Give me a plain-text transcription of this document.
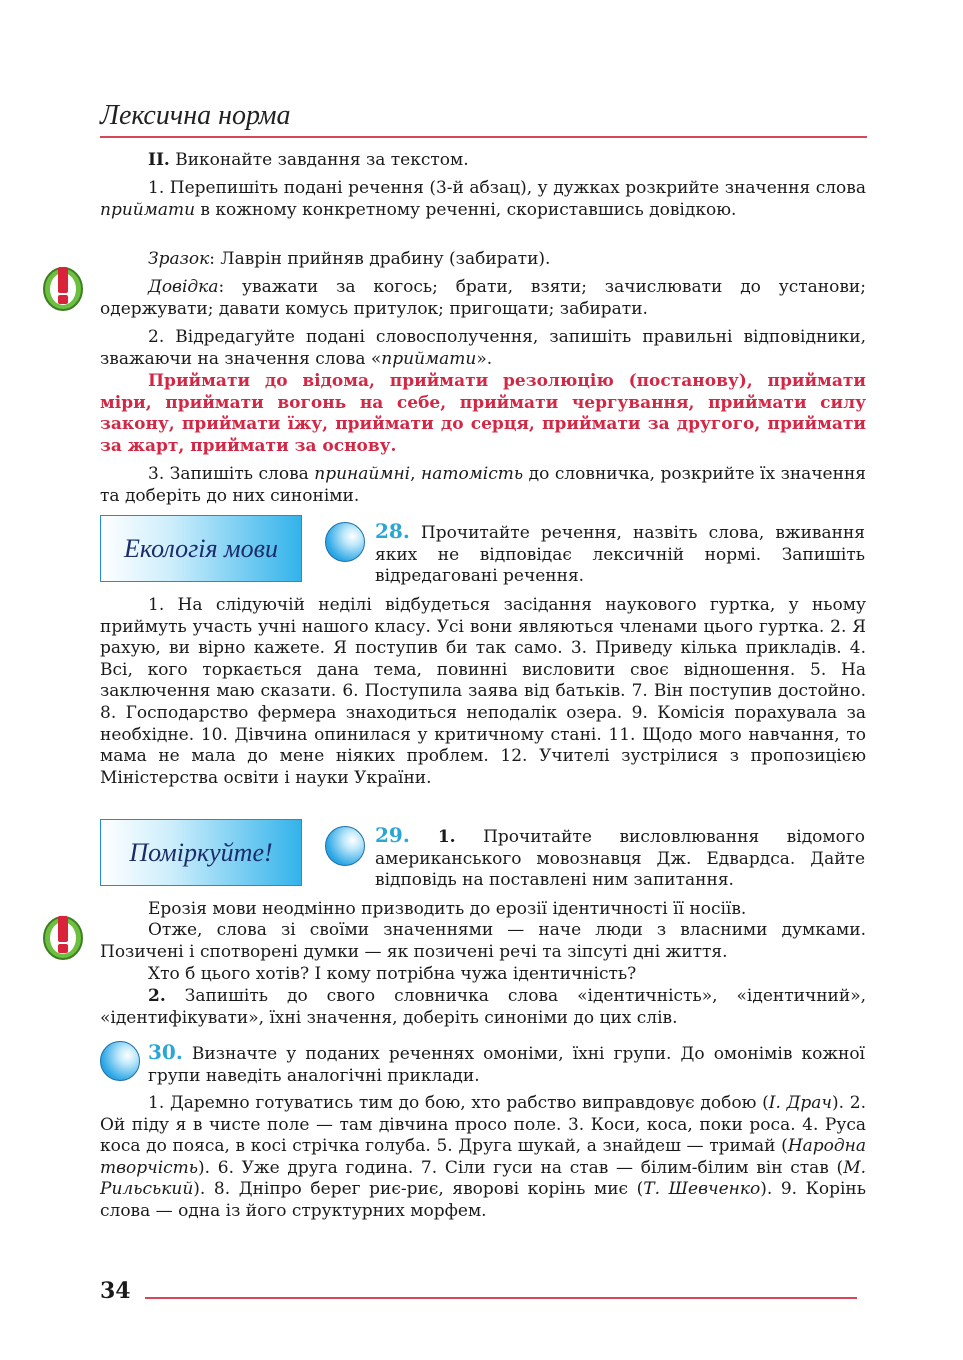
Лексична норма
ІІ. Виконайте завдання за текстом.
1. Перепишіть подані речення (3-й абзац), у дужках розкрийте значення слова приймати в кожному конкретному реченні, скориставшись довідкою.
Зразок: Лаврін прийняв драбину (забирати).
Довідка: уважати за когось; брати, взяти; зачислювати до установи; одержувати; давати комусь притулок; пригощати; забирати.
2. Відредагуйте подані словосполучення, запишіть правильні відповідники, зважаючи на значення слова «приймати».
Приймати до відома, приймати резолюцію (постанову), приймати міри, приймати вогонь на себе, приймати чергування, приймати силу закону, приймати їжу, приймати до серця, приймати за другого, приймати за жарт, приймати за основу.
3. Запишіть слова принаймні, натомість до словничка, розкрийте їх значення та доберіть до них синоніми.
Екологія мови
28. Прочитайте речення, назвіть слова, вживання яких не відповідає лексичній нормі. Запишіть відредаговані речення.
1. На слідуючій неділі відбудеться засідання наукового гуртка, у ньому приймуть участь учні нашого класу. Усі вони являються членами цього гуртка. 2. Я рахую, ви вірно кажете. Я поступив би так само. 3. Приведу кілька прикладів. 4. Всі, кого торкається дана тема, повинні висловити своє відношення. 5. На заключення маю сказати. 6. Поступила заява від батьків. 7. Він поступив достойно. 8. Господарство фермера знаходиться неподалік озера. 9. Комісія порахувала за необхідне. 10. Дівчина опинилася у критичному стані. 11. Щодо мого навчання, то мама не мала до мене ніяких проблем. 12. Учителі зустрілися з пропозицією Міністерства освіти і науки України.
Поміркуйте!
29. 1. Прочитайте висловлювання відомого американського мовознавця Дж. Едвардса. Дайте відповідь на поставлені ним запитання.
Ерозія мови неодмінно призводить до ерозії ідентичності її носіїв.
Отже, слова зі своїми значеннями — наче люди з власними думками. Позичені і спотворені думки — як позичені речі та зіпсуті дні життя.
Хто б цього хотів? І кому потрібна чужа ідентичність?
2. Запишіть до свого словничка слова «ідентичність», «ідентичний», «ідентифікувати», їхні значення, доберіть синоніми до цих слів.
30. Визначте у поданих реченнях омоніми, їхні групи. До омонімів кожної групи наведіть аналогічні приклади.
1. Даремно готуватись тим до бою, хто рабство виправдовує добою (І. Драч). 2. Ой піду я в чисте поле — там дівчина просо поле. 3. Коси, коса, поки роса. 4. Руса коса до пояса, в косі стрічка голуба. 5. Друга шукай, а знайдеш — тримай (Народна творчість). 6. Уже друга година. 7. Сіли гуси на став — білим-білим він став (М. Рильський). 8. Дніпро берег риє-риє, яворові корінь миє (Т. Шевченко). 9. Корінь слова — одна із його структурних морфем.
34
